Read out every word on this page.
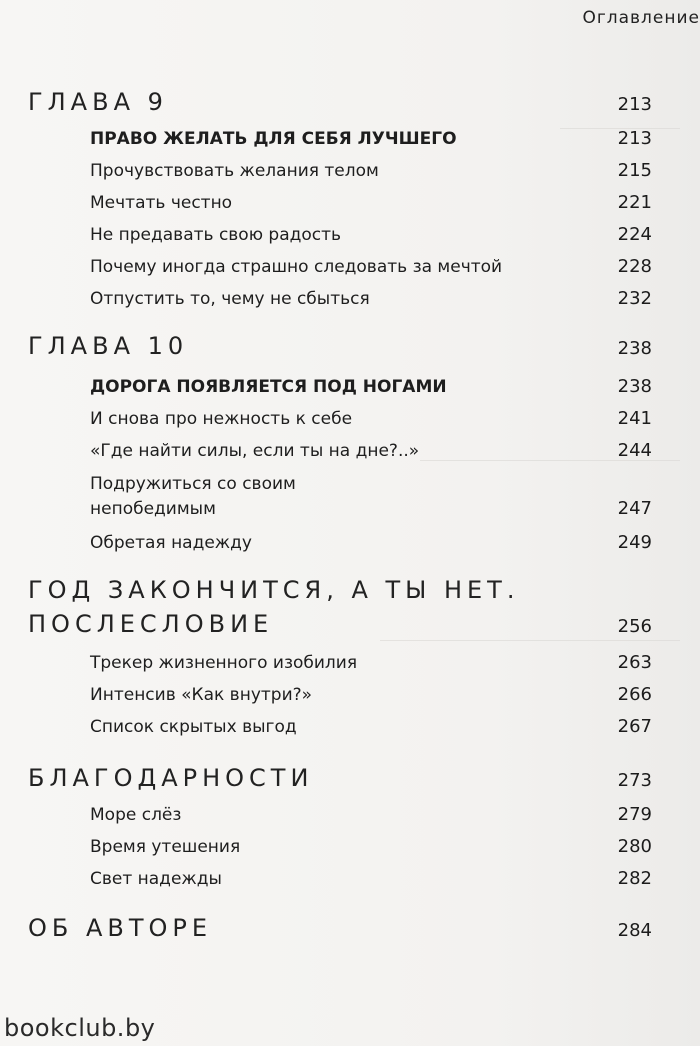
Оглавление
ГЛАВА 9	213
ПРАВО ЖЕЛАТЬ ДЛЯ СЕБЯ ЛУЧШЕГО	213
Прочувствовать желания телом	215
Мечтать честно	221
Не предавать свою радость	224
Почему иногда страшно следовать за мечтой	228
Отпустить то, чему не сбыться	232
ГЛАВА 10	238
ДОРОГА ПОЯВЛЯЕТСЯ ПОД НОГАМИ	238
И снова про нежность к себе	241
«Где найти силы, если ты на дне?..»	244
Подружиться со своим
непобедимым	247
Обретая надежду	249
ГОД ЗАКОНЧИТСЯ, А ТЫ НЕТ.
ПОСЛЕСЛОВИЕ	256
Трекер жизненного изобилия	263
Интенсив «Как внутри?»	266
Список скрытых выгод	267
БЛАГОДАРНОСТИ	273
Море слёз	279
Время утешения	280
Свет надежды	282
ОБ АВТОРЕ	284
bookclub.by
